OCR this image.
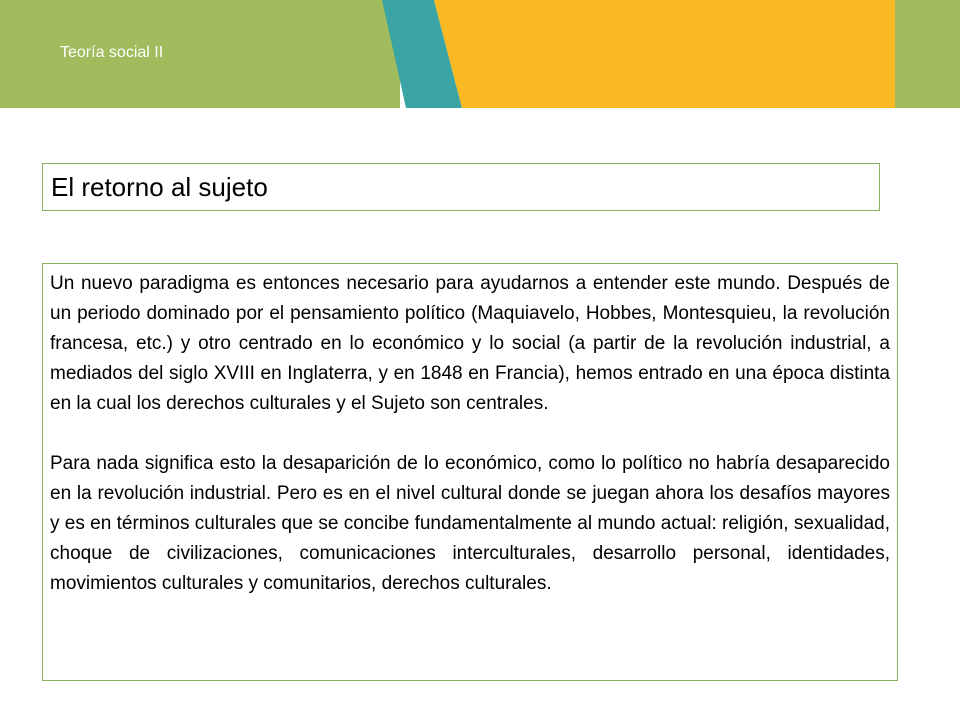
Teoría social II
El retorno al sujeto

Un nuevo paradigma es entonces necesario para ayudarnos a entender este mundo. Después de un periodo dominado por el pensamiento político (Maquiavelo, Hobbes, Montesquieu, la revolución francesa, etc.) y otro centrado en lo económico y lo social (a partir de la revolución industrial, a mediados del siglo XVIII en Inglaterra, y en 1848 en Francia), hemos entrado en una época distinta en la cual los derechos culturales y el Sujeto son centrales.

Para nada significa esto la desaparición de lo económico, como lo político no habría desaparecido en la revolución industrial. Pero es en el nivel cultural donde se juegan ahora los desafíos mayores y es en términos culturales que se concibe fundamentalmente al mundo actual: religión, sexualidad, choque de civilizaciones, comunicaciones interculturales, desarrollo personal, identidades, movimientos culturales y comunitarios, derechos culturales.
